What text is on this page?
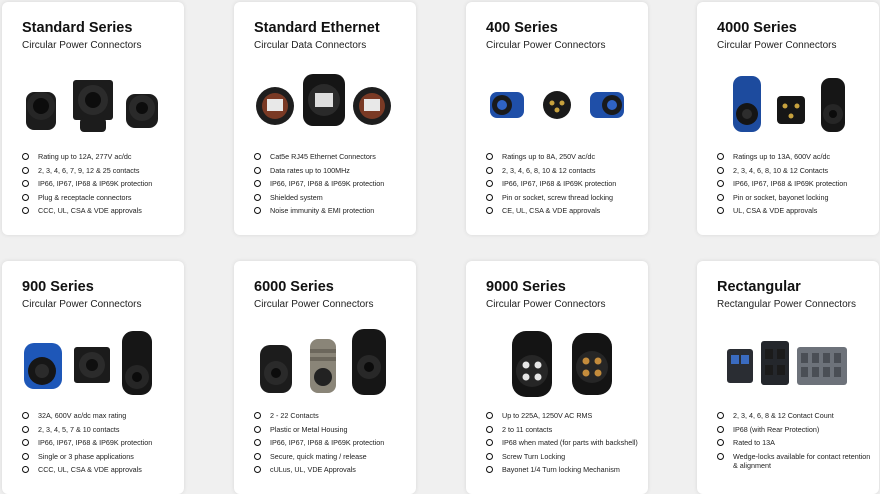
Standard Series
Circular Power Connectors
Rating up to 12A, 277V ac/dc
2, 3, 4, 6, 7, 9, 12 & 25 contacts
IP66, IP67, IP68 & IP69K protection
Plug & receptacle connectors
CCC, UL, CSA & VDE approvals
Standard Ethernet
Circular Data Connectors
Cat5e RJ45 Ethernet Connectors
Data rates up to 100MHz
IP66, IP67, IP68 & IP69K protection
Shielded system
Noise immunity & EMI protection
400 Series
Circular Power Connectors
Ratings up to 8A, 250V ac/dc
2, 3, 4, 6, 8, 10 & 12 contacts
IP66, IP67, IP68 & IP69K protection
Pin or socket, screw thread locking
CE, UL, CSA & VDE approvals
4000 Series
Circular Power Connectors
Ratings up to 13A, 600V ac/dc
2, 3, 4, 6, 8, 10 & 12 Contacts
IP66, IP67, IP68 & IP69K protection
Pin or socket, bayonet locking
UL, CSA & VDE approvals
900 Series
Circular Power Connectors
32A, 600V ac/dc max rating
2, 3, 4, 5, 7 & 10 contacts
IP66, IP67, IP68 & IP69K protection
Single or 3 phase applications
CCC, UL, CSA & VDE approvals
6000 Series
Circular Power Connectors
2 - 22 Contacts
Plastic or Metal Housing
IP66, IP67, IP68 & IP69K protection
Secure, quick mating / release
cULus, UL, VDE Approvals
9000 Series
Circular Power Connectors
Up to 225A, 1250V AC RMS
2 to 11 contacts
IP68 when mated (for parts with backshell)
Screw Turn Locking
Bayonet 1/4 Turn locking Mechanism
Rectangular
Rectangular Power Connectors
2, 3, 4, 6, 8 & 12 Contact Count
IP68 (with Rear Protection)
Rated to 13A
Wedge-locks available for contact retention & alignment
